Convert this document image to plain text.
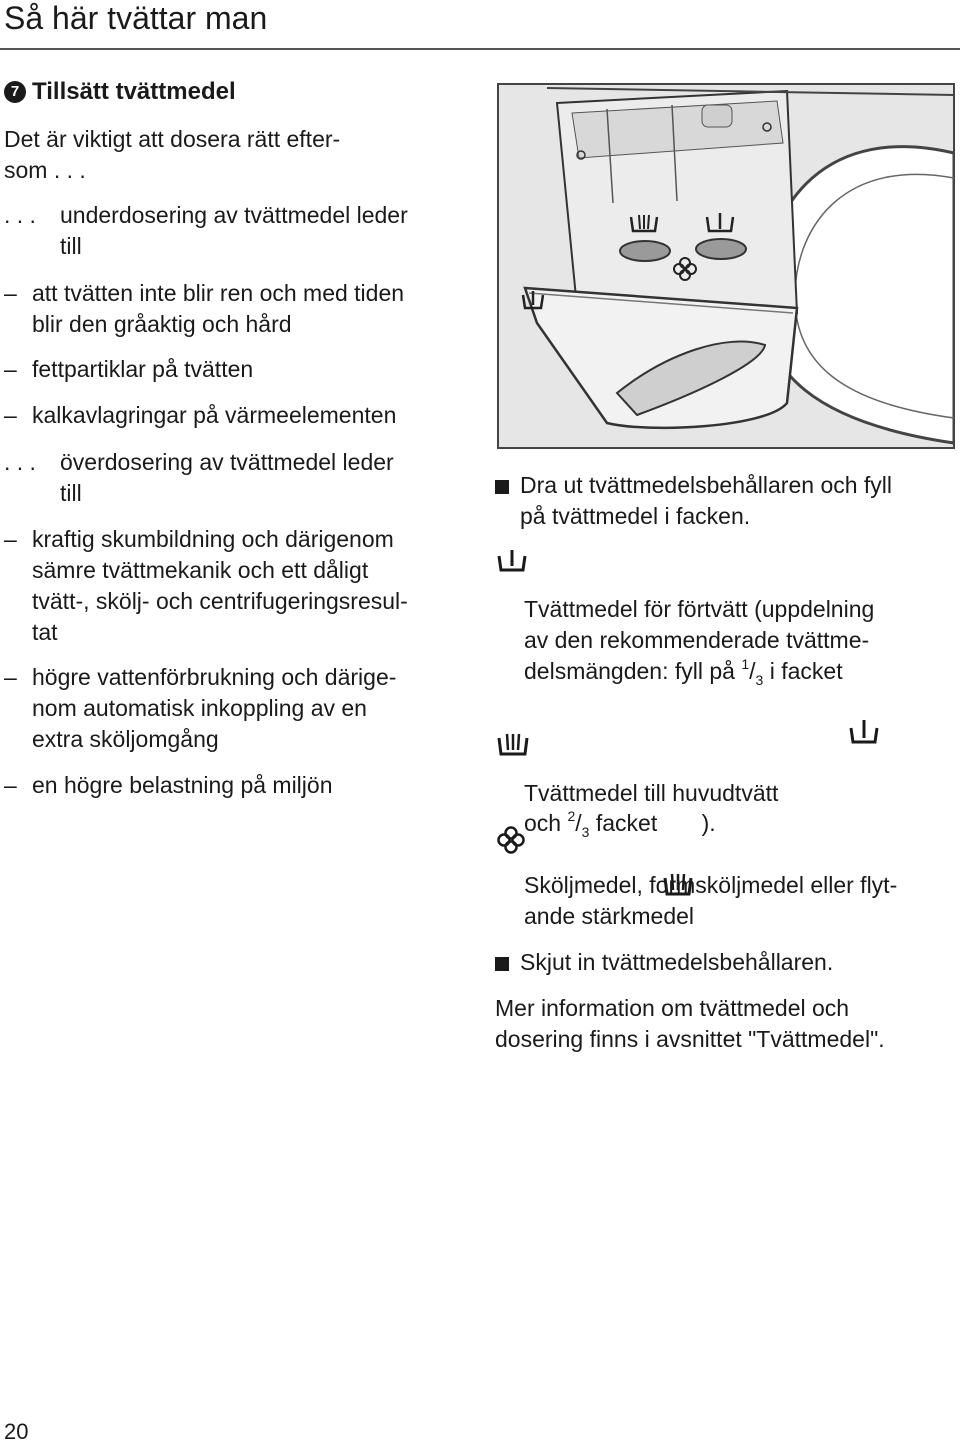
Så här tvättar man
7 Tillsätt tvättmedel
Det är viktigt att dosera rätt efter-
som . . .
. . . underdosering av tvättmedel leder
till
– att tvätten inte blir ren och med tiden
blir den gråaktig och hård
– fettpartiklar på tvätten
– kalkavlagringar på värmeelementen
. . . överdosering av tvättmedel leder
till
– kraftig skumbildning och därigenom
sämre tvättmekanik och ett dåligt
tvätt-, skölj- och centrifugeringsresul-
tat
– högre vattenförbrukning och därige-
nom automatisk inkoppling av en
extra sköljomgång
– en högre belastning på miljön
Dra ut tvättmedelsbehållaren och fyll
på tvättmedel i facken.
Tvättmedel för förtvätt (uppdelning
av den rekommenderade tvättme-
delsmängden: fyll på 1 / 3 i facket

och 2 / 3 facket

).
Tvättmedel till huvudtvätt
Sköljmedel, formsköljmedel eller flyt-
ande stärkmedel
Skjut in tvättmedelsbehållaren.
Mer information om tvättmedel och
dosering finns i avsnittet "Tvättmedel".
20
